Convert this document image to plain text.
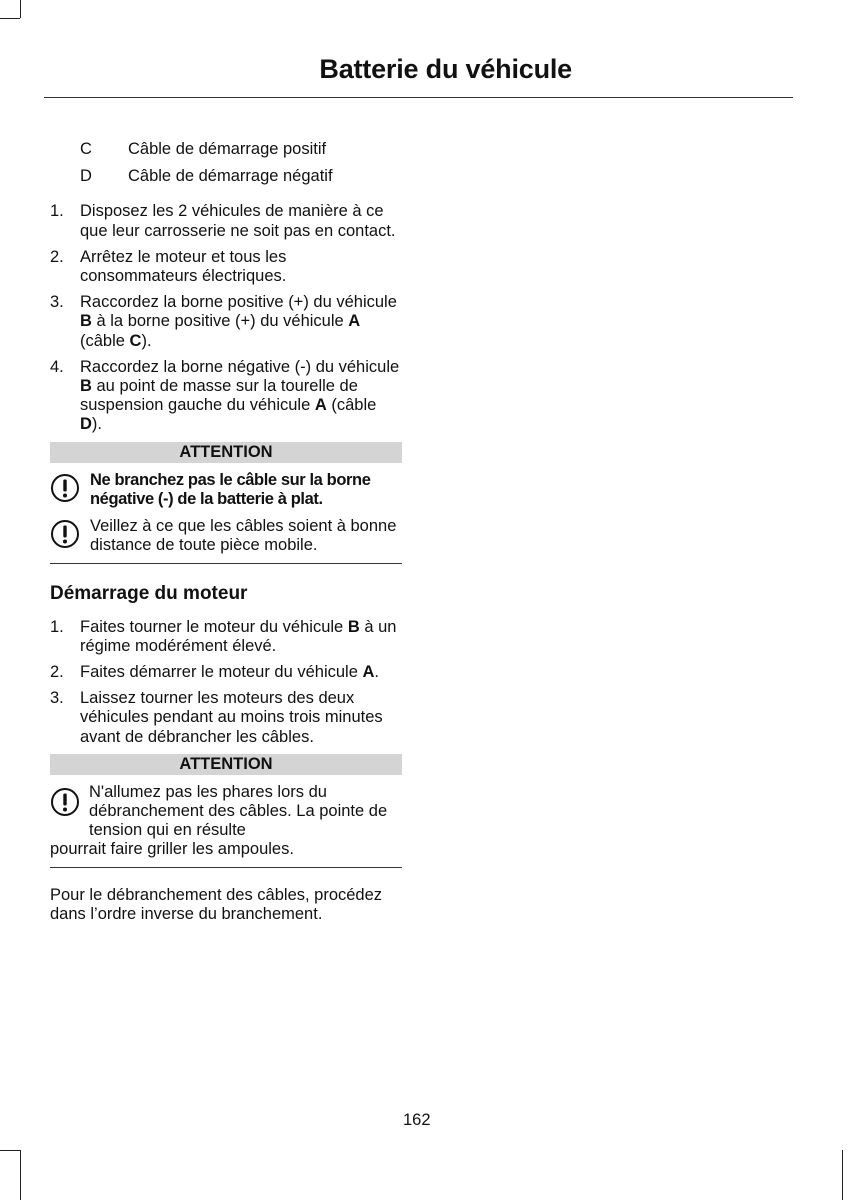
Batterie du véhicule
C	Câble de démarrage positif
D	Câble de démarrage négatif
1. Disposez les 2 véhicules de manière à ce que leur carrosserie ne soit pas en contact.
2. Arrêtez le moteur et tous les consommateurs électriques.
3. Raccordez la borne positive (+) du véhicule B à la borne positive (+) du véhicule A (câble C).
4. Raccordez la borne négative (-) du véhicule B au point de masse sur la tourelle de suspension gauche du véhicule A (câble D).
ATTENTION
Ne branchez pas le câble sur la borne négative (-) de la batterie à plat.
Veillez à ce que les câbles soient à bonne distance de toute pièce mobile.
Démarrage du moteur
1. Faites tourner le moteur du véhicule B à un régime modérément élevé.
2. Faites démarrer le moteur du véhicule A.
3. Laissez tourner les moteurs des deux véhicules pendant au moins trois minutes avant de débrancher les câbles.
ATTENTION
N'allumez pas les phares lors du débranchement des câbles. La pointe de tension qui en résulte
pourrait faire griller les ampoules.
Pour le débranchement des câbles, procédez dans l’ordre inverse du branchement.
162
